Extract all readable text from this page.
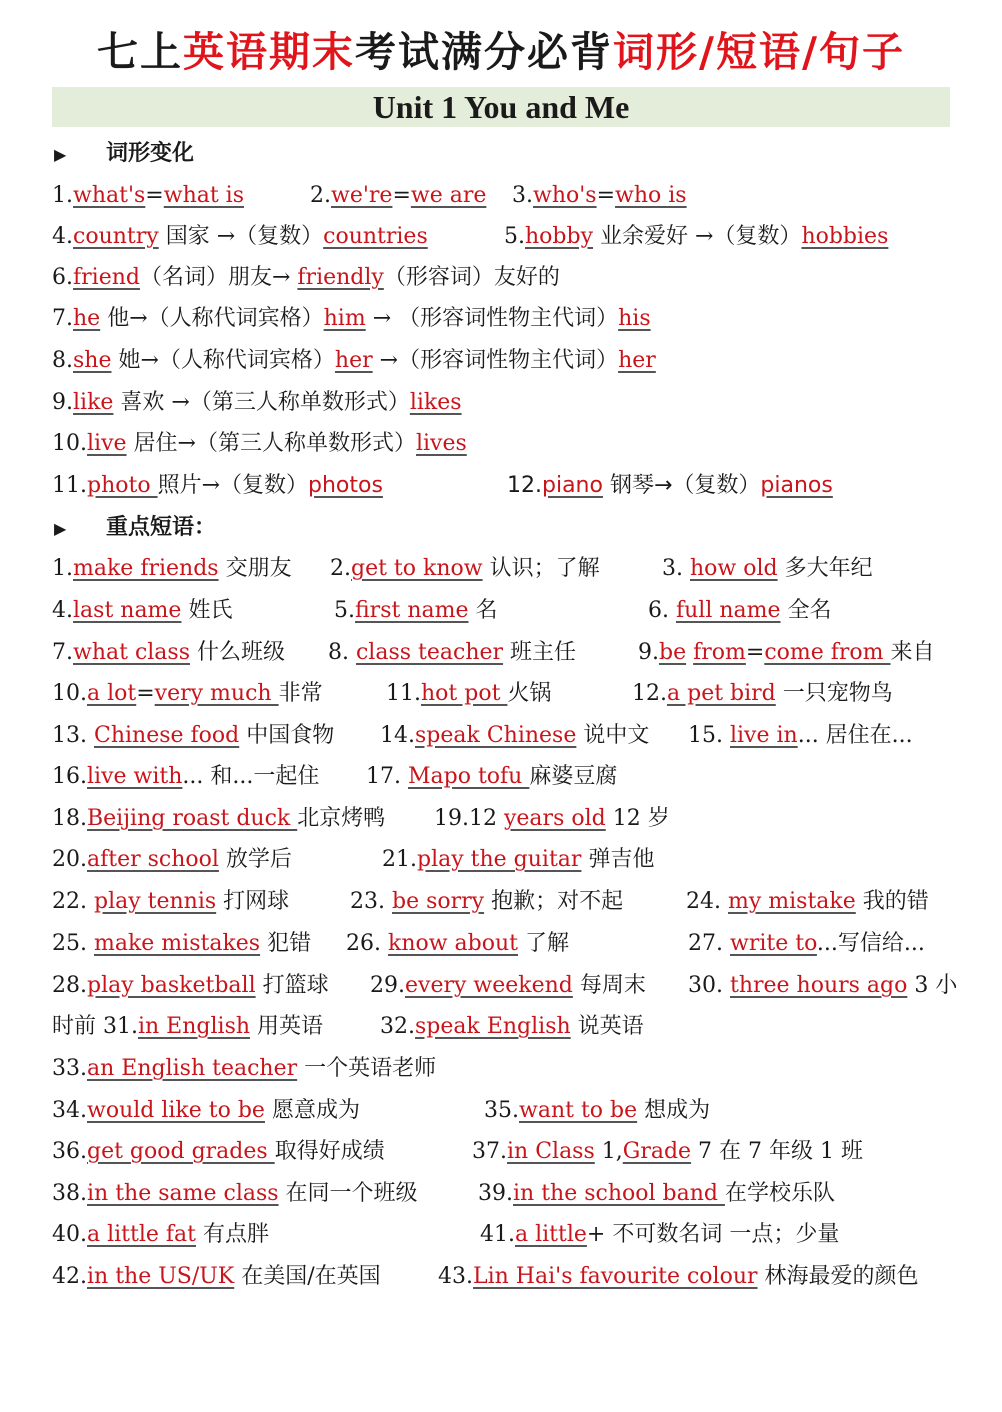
七上英语期末考试满分必背词形/短语/句子
Unit 1 You and Me
▶ 词形变化
1.what's=what is	2.we're=we are 3.who's=who is
4.country 国家 →（复数）countries	5.hobby 业余爱好 →（复数）hobbies
6.friend（名词）朋友→ friendly（形容词）友好的
7.he 他→（人称代词宾格）him → （形容词性物主代词）his
8.she 她→（人称代词宾格）her →（形容词性物主代词）her
9.like 喜欢 →（第三人称单数形式）likes
10.live 居住→（第三人称单数形式）lives
11.photo 照片→（复数）photos	12.piano 钢琴→（复数）pianos
▶ 重点短语：
1.make friends 交朋友 2.get to know 认识；了解	3. how old 多大年纪
4.last name 姓氏	5.first name 名	6. full name 全名
7.what class 什么班级 8. class teacher 班主任	9.be from=come from 来自
10.a lot=very much 非常	11.hot pot 火锅	12.a pet bird 一只宠物鸟
13. Chinese food 中国食物 14.speak Chinese 说中文 15. live in... 居住在...
16.live with... 和...一起住 17. Mapo tofu 麻婆豆腐
18.Beijing roast duck 北京烤鸭 19.12 years old 12 岁
20.after school 放学后	21.play the guitar 弹吉他
22. play tennis 打网球	23. be sorry 抱歉；对不起	24. my mistake 我的错
25. make mistakes 犯错 26. know about 了解	27. write to...写信给...
28.play basketball 打篮球 29.every weekend 每周末 30. three hours ago 3 小
时前 31.in English 用英语	32.speak English 说英语
33.an English teacher 一个英语老师
34.would like to be 愿意成为	35.want to be 想成为
36.get good grades 取得好成绩	37.in Class 1,Grade 7 在 7 年级 1 班
38.in the same class 在同一个班级	39.in the school band 在学校乐队
40.a little fat 有点胖	41.a little+ 不可数名词 一点；少量
42.in the US/UK 在美国/在英国	43.Lin Hai's favourite colour 林海最爱的颜色
